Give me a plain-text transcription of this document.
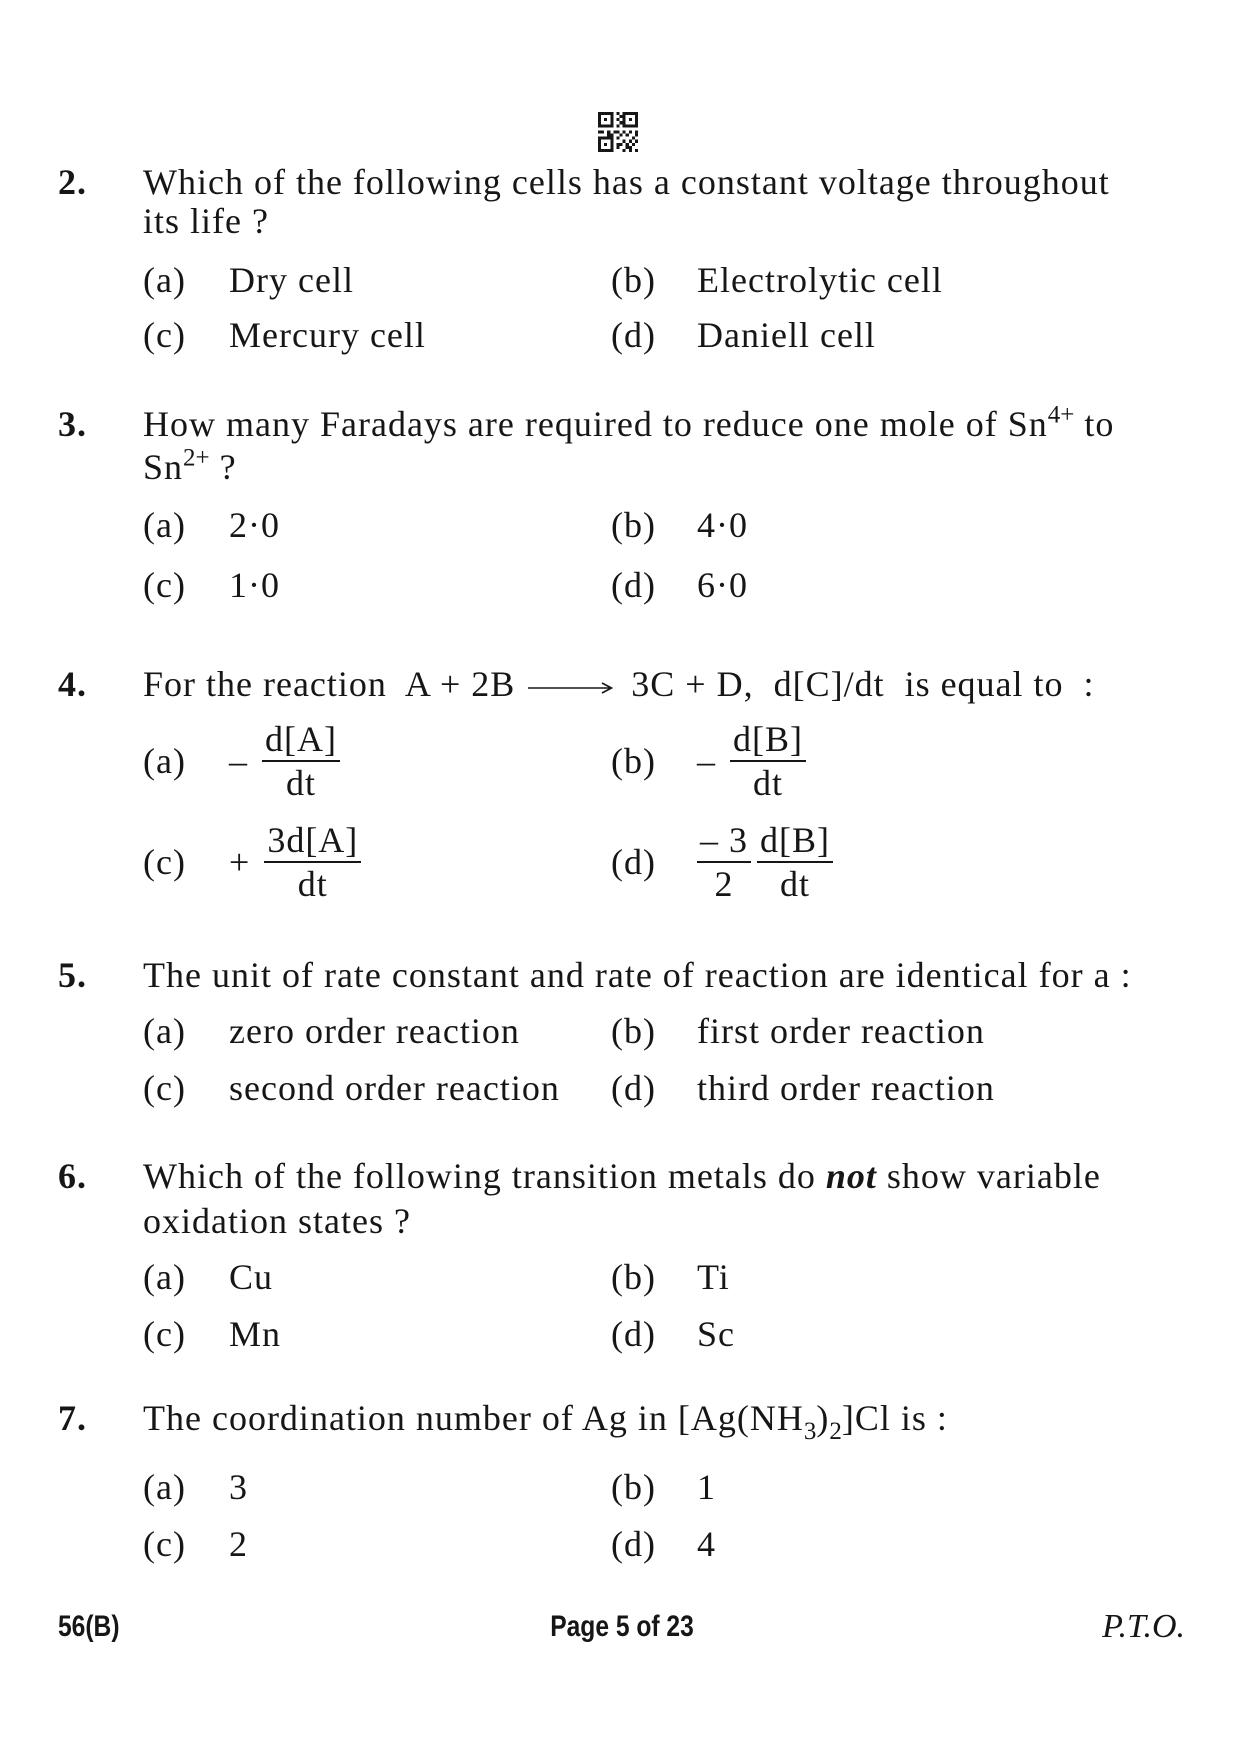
2. Which of the following cells has a constant voltage throughout
its life ?
(a)	Dry cell	(b)	Electrolytic cell
(c)	Mercury cell	(d)	Daniell cell
3. How many Faradays are required to reduce one mole of $Sn^{4+}$ to
$Sn^{2+}$ ?
(a)	2·0	(b)	4·0
(c)	1·0	(d)	6·0
4. For the reaction  A + 2B → 3C + D,  d[C]/dt  is equal to  :
(a)	– $\frac{d[A]}{dt}$	(b)	– $\frac{d[B]}{dt}$
(c)	+ $\frac{3d[A]}{dt}$	(d)	$\frac{- 3}{2} \frac{d[B]}{dt}$
5. The unit of rate constant and rate of reaction are identical for a :
(a)	zero order reaction	(b)	first order reaction
(c)	second order reaction (d)	third order reaction
6. Which of the following transition metals do not show variable
oxidation states ?
(a)	Cu	(b)	Ti
(c)	Mn	(d)	Sc
7. The coordination number of Ag in $[Ag(NH_3)_2]Cl$ is :
(a)	3	(b)	1
(c)	2	(d)	4
56(B)	Page 5 of 23	P.T.O.
